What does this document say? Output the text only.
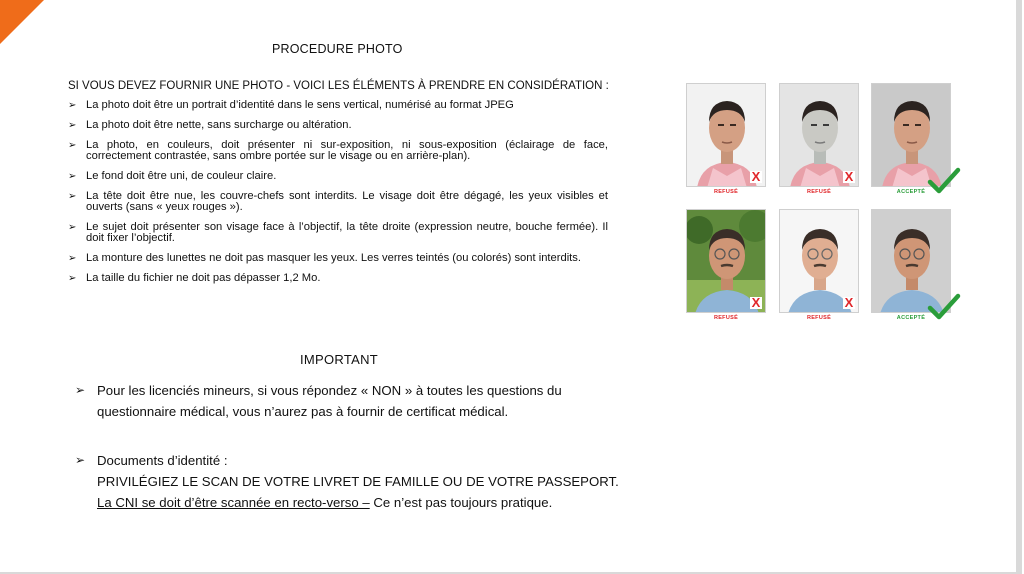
PROCEDURE PHOTO
SI VOUS DEVEZ FOURNIR UNE PHOTO - VOICI LES ÉLÉMENTS À PRENDRE EN CONSIDÉRATION :
➢ La photo doit être un portrait d’identité dans le sens vertical, numérisé au format JPEG
➢ La photo doit être nette, sans surcharge ou altération.
➢ La photo, en couleurs, doit présenter ni sur-exposition, ni sous-exposition (éclairage de face, correctement contrastée, sans ombre portée sur le visage ou en arrière-plan).
➢ Le fond doit être uni, de couleur claire.
➢ La tête doit être nue, les couvre-chefs sont interdits. Le visage doit être dégagé, les yeux visibles et ouverts (sans « yeux rouges »).
➢ Le sujet doit présenter son visage face à l’objectif, la tête droite (expression neutre, bouche fermée). Il doit fixer l’objectif.
➢ La monture des lunettes ne doit pas masquer les yeux. Les verres teintés (ou colorés) sont interdits.
➢ La taille du fichier ne doit pas dépasser 1,2 Mo.
IMPORTANT
➢ Pour les licenciés mineurs, si vous répondez « NON » à toutes les questions du questionnaire médical, vous n’aurez pas à fournir de certificat médical.
➢ Documents d’identité :
PRIVILÉGIEZ LE SCAN DE VOTRE LIVRET DE FAMILLE OU DE VOTRE PASSEPORT.
La CNI se doit d’être scannée en recto-verso – Ce n’est pas toujours pratique.
X
REFUSÉ
X
REFUSÉ	ACCEPTÉ
X
REFUSÉ
X
REFUSÉ	ACCEPTÉ
